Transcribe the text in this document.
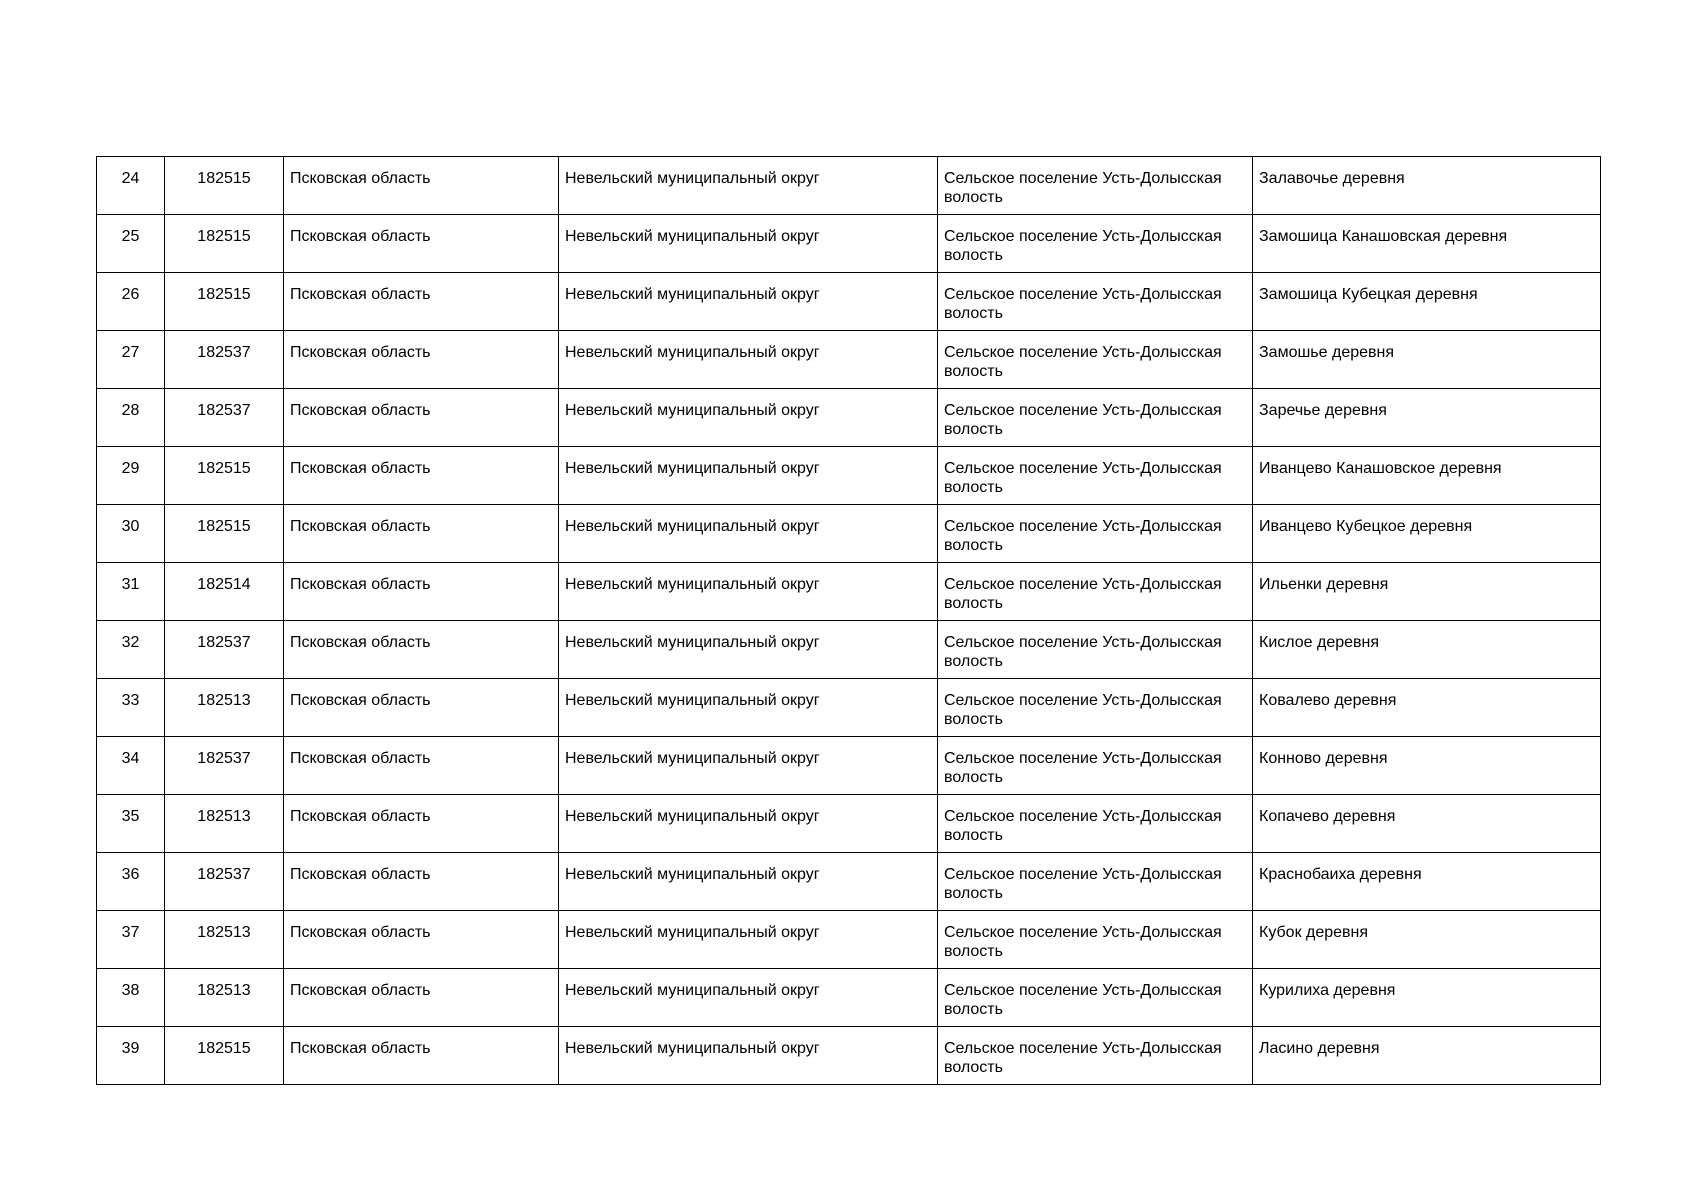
24	182515	Псковская область	Невельский муниципальный округ	Сельское поселение Усть-Долысская волость	Залавочье деревня
25	182515	Псковская область	Невельский муниципальный округ	Сельское поселение Усть-Долысская волость	Замошица Канашовская деревня
26	182515	Псковская область	Невельский муниципальный округ	Сельское поселение Усть-Долысская волость	Замошица Кубецкая деревня
27	182537	Псковская область	Невельский муниципальный округ	Сельское поселение Усть-Долысская волость	Замошье деревня
28	182537	Псковская область	Невельский муниципальный округ	Сельское поселение Усть-Долысская волость	Заречье деревня
29	182515	Псковская область	Невельский муниципальный округ	Сельское поселение Усть-Долысская волость	Иванцево Канашовское деревня
30	182515	Псковская область	Невельский муниципальный округ	Сельское поселение Усть-Долысская волость	Иванцево Кубецкое деревня
31	182514	Псковская область	Невельский муниципальный округ	Сельское поселение Усть-Долысская волость	Ильенки деревня
32	182537	Псковская область	Невельский муниципальный округ	Сельское поселение Усть-Долысская волость	Кислое деревня
33	182513	Псковская область	Невельский муниципальный округ	Сельское поселение Усть-Долысская волость	Ковалево деревня
34	182537	Псковская область	Невельский муниципальный округ	Сельское поселение Усть-Долысская волость	Конново деревня
35	182513	Псковская область	Невельский муниципальный округ	Сельское поселение Усть-Долысская волость	Копачево деревня
36	182537	Псковская область	Невельский муниципальный округ	Сельское поселение Усть-Долысская волость	Краснобаиха деревня
37	182513	Псковская область	Невельский муниципальный округ	Сельское поселение Усть-Долысская волость	Кубок деревня
38	182513	Псковская область	Невельский муниципальный округ	Сельское поселение Усть-Долысская волость	Курилиха деревня
39	182515	Псковская область	Невельский муниципальный округ	Сельское поселение Усть-Долысская волость	Ласино деревня
